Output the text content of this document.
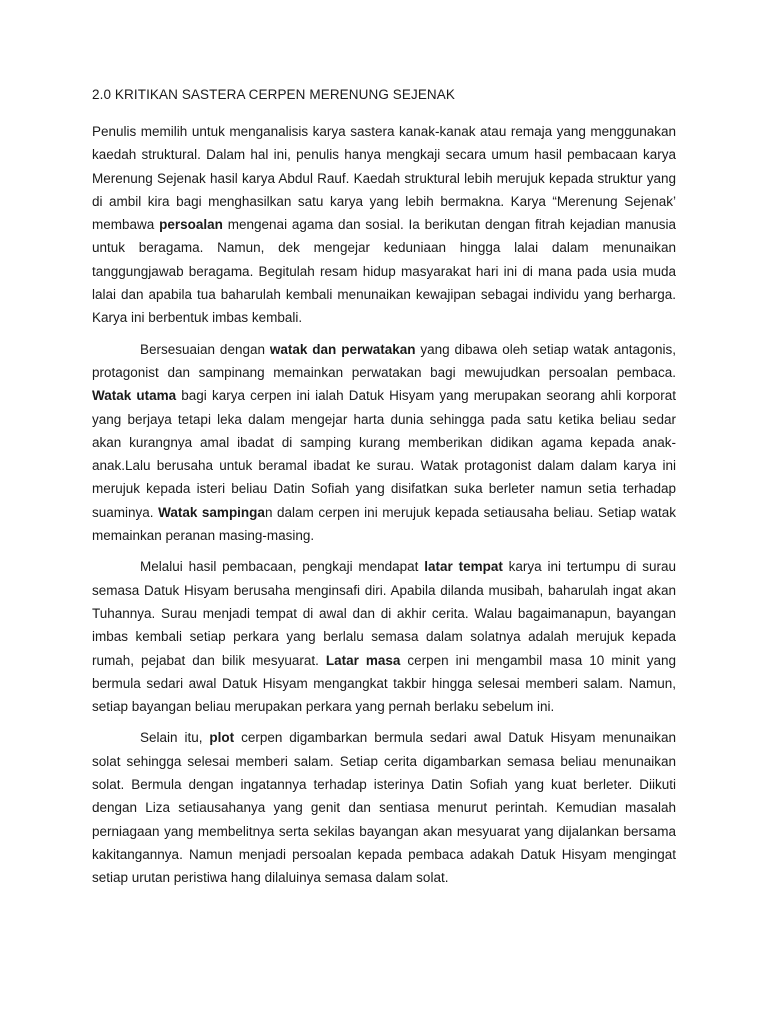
2.0 KRITIKAN SASTERA CERPEN MERENUNG SEJENAK

Penulis memilih untuk menganalisis karya sastera kanak-kanak atau remaja yang menggunakan kaedah struktural. Dalam hal ini, penulis hanya mengkaji secara umum hasil pembacaan karya Merenung Sejenak hasil karya Abdul Rauf. Kaedah struktural lebih merujuk kepada struktur yang di ambil kira bagi menghasilkan satu karya yang lebih bermakna. Karya “Merenung Sejenak’ membawa persoalan mengenai agama dan sosial. Ia berikutan dengan fitrah kejadian manusia untuk beragama. Namun, dek mengejar keduniaan hingga lalai dalam menunaikan tanggungjawab beragama. Begitulah resam hidup masyarakat hari ini di mana pada usia muda lalai dan apabila tua baharulah kembali menunaikan kewajipan sebagai individu yang berharga. Karya ini berbentuk imbas kembali.

Bersesuaian dengan watak dan perwatakan yang dibawa oleh setiap watak antagonis, protagonist dan sampinang memainkan perwatakan bagi mewujudkan persoalan pembaca. Watak utama bagi karya cerpen ini ialah Datuk Hisyam yang merupakan seorang ahli korporat yang berjaya tetapi leka dalam mengejar harta dunia sehingga pada satu ketika beliau sedar akan kurangnya amal ibadat di samping kurang memberikan didikan agama kepada anak-anak.Lalu berusaha untuk beramal ibadat ke surau. Watak protagonist dalam dalam karya ini merujuk kepada isteri beliau Datin Sofiah yang disifatkan suka berleter namun setia terhadap suaminya. Watak sampingan dalam cerpen ini merujuk kepada setiausaha beliau. Setiap watak memainkan peranan masing-masing.

Melalui hasil pembacaan, pengkaji mendapat latar tempat karya ini tertumpu di surau semasa Datuk Hisyam berusaha menginsafi diri. Apabila dilanda musibah, baharulah ingat akan Tuhannya. Surau menjadi tempat di awal dan di akhir cerita. Walau bagaimanapun, bayangan imbas kembali setiap perkara yang berlalu semasa dalam solatnya adalah merujuk kepada rumah, pejabat dan bilik mesyuarat. Latar masa cerpen ini mengambil masa 10 minit yang bermula sedari awal Datuk Hisyam mengangkat takbir hingga selesai memberi salam. Namun, setiap bayangan beliau merupakan perkara yang pernah berlaku sebelum ini.

Selain itu, plot cerpen digambarkan bermula sedari awal Datuk Hisyam menunaikan solat sehingga selesai memberi salam. Setiap cerita digambarkan semasa beliau menunaikan solat. Bermula dengan ingatannya terhadap isterinya Datin Sofiah yang kuat berleter. Diikuti dengan Liza setiausahanya yang genit dan sentiasa menurut perintah. Kemudian masalah perniagaan yang membelitnya serta sekilas bayangan akan mesyuarat yang dijalankan bersama kakitangannya. Namun menjadi persoalan kepada pembaca adakah Datuk Hisyam mengingat setiap urutan peristiwa hang dilaluinya semasa dalam solat.
